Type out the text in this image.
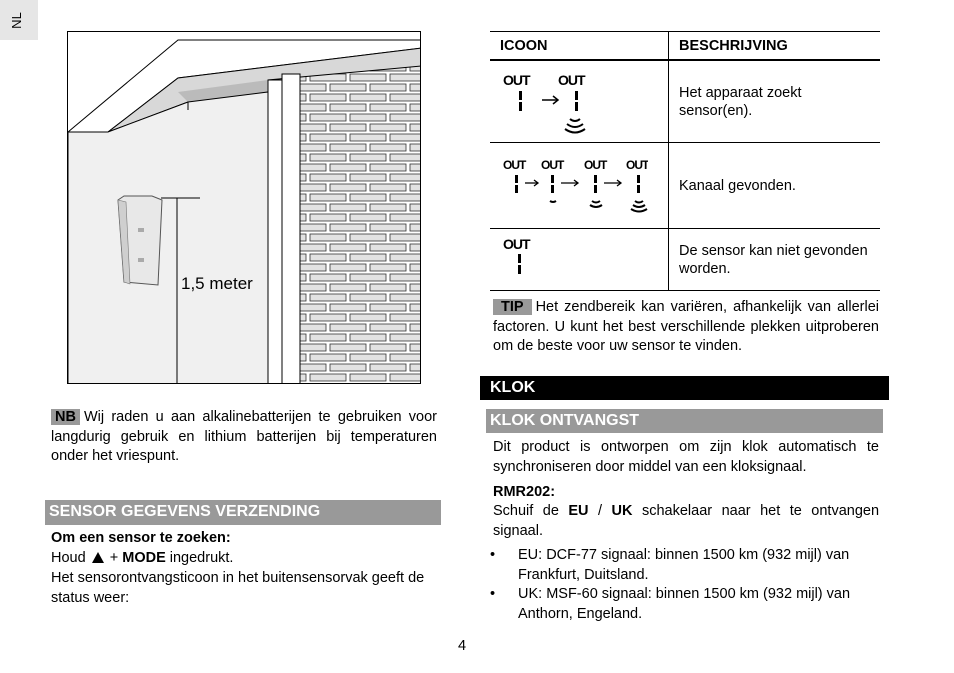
NL
1,5 meter
NB Wij raden u aan alkalinebatterijen te gebruiken voor langdurig gebruik en lithium batterijen bij temperaturen onder het vriespunt.
SENSOR GEGEVENS VERZENDING
Om een sensor te zoeken:
Houd + MODE ingedrukt.
Het sensorontvangsticoon in het buitensensorvak geeft de status weer:
ICOON	BESCHRIJVING

OUT OUT	Het apparaat zoekt sensor(en).

OUT OUT OUT OUT	Kanaal gevonden.

OUT	De sensor kan niet gevonden worden.
TIP Het zendbereik kan variëren, afhankelijk van allerlei factoren. U kunt het best verschillende plekken uitproberen om de beste voor uw sensor te vinden.
KLOK
KLOK ONTVANGST
Dit product is ontworpen om zijn klok automatisch te synchroniseren door middel van een kloksignaal.
RMR202:
Schuif de EU / UK schakelaar naar het te ontvangen signaal.
• EU: DCF-77 signaal: binnen 1500 km (932 mijl) van Frankfurt, Duitsland.
• UK: MSF-60 signaal: binnen 1500 km (932 mijl) van Anthorn, Engeland.
4
